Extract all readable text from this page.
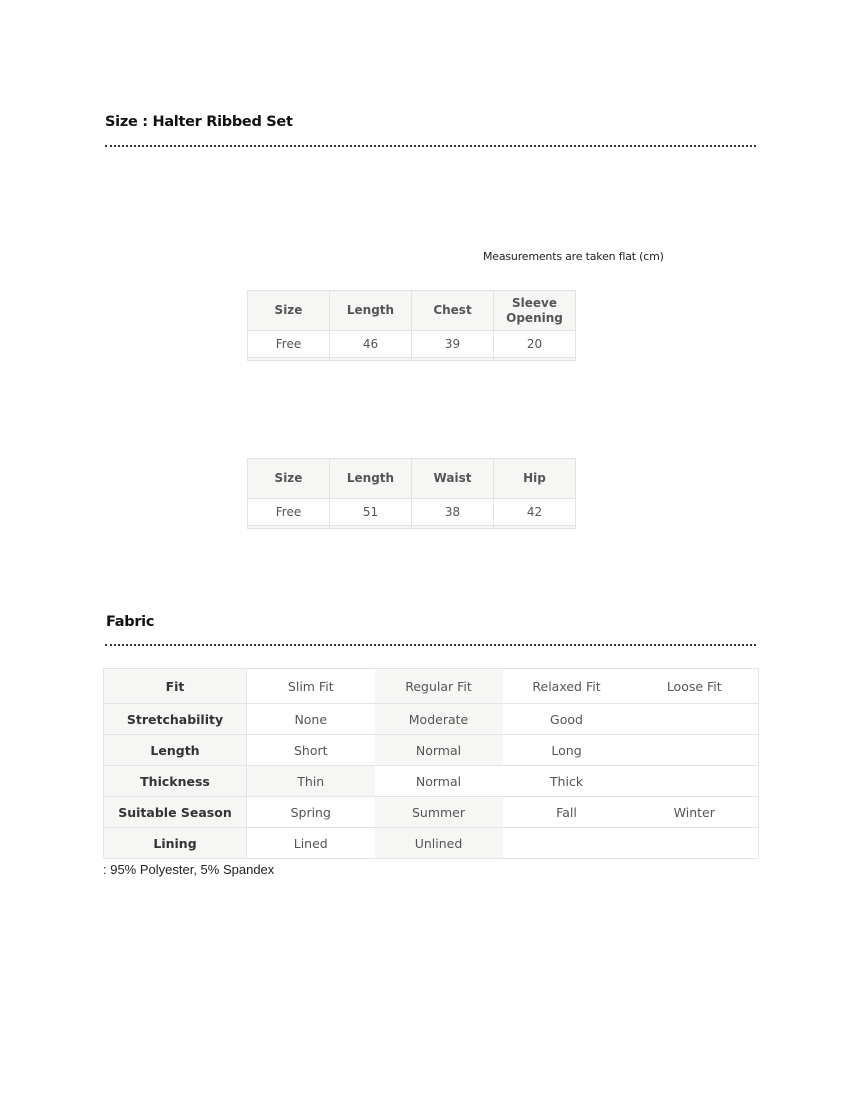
Size : Halter Ribbed Set
Measurements are taken flat (cm)
Size	Length	Chest	Sleeve
Opening
Free	46	39	20

Size	Length	Waist	Hip
Free	51	38	42

Fabric
Fit	Slim Fit	Regular Fit	Relaxed Fit	Loose Fit
Stretchability	None	Moderate	Good	
Length	Short	Normal	Long	
Thickness	Thin	Normal	Thick	
Suitable Season	Spring	Summer	Fall	Winter
Lining	Lined	Unlined		
: 95% Polyester, 5% Spandex
